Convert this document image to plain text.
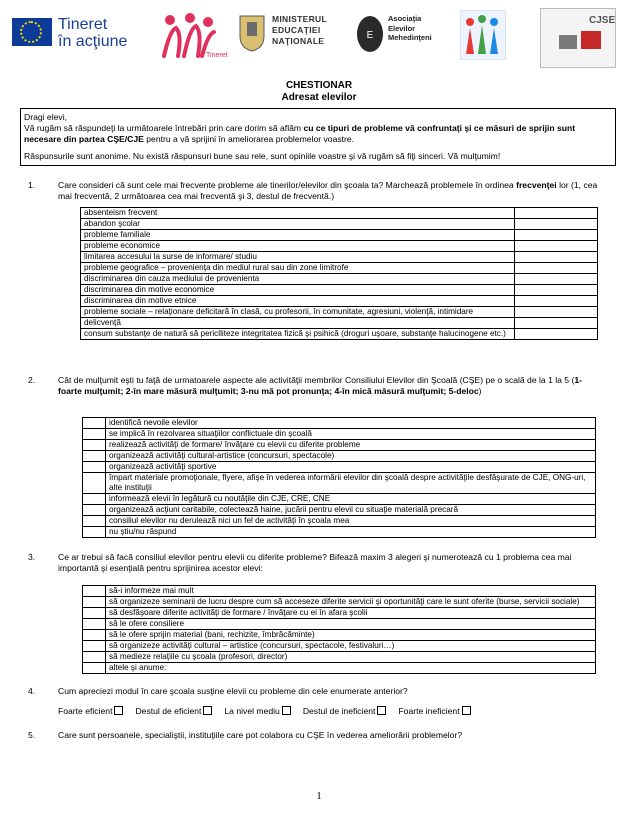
Tineret
în acţiune
Tineret
MINISTERUL
EDUCAŢIEI
NAŢIONALE	E
Asociaţia
Elevilor
Mehedinţeni
CJSE
CHESTIONAR
Adresat elevilor

Dragi elevi,

Vă rugăm să răspundeţi la următoarele întrebări prin care dorim să aflăm cu ce tipuri de probleme vă confruntaţi şi ce măsuri de sprijin sunt necesare din partea CŞE/CJE pentru a vă sprijini în ameliorarea problemelor voastre.

Răspunsurile sunt anonime. Nu există răspunsuri bune sau rele, sunt opiniile voastre şi vă rugăm să fiţi sinceri. Vă mulţumim!

1.	Care consideri că sunt cele mai frecvente probleme ale tinerilor/elevilor din şcoala ta? Marchează problemele în ordinea frecvenţei lor (1, cea mai frecventă, 2 următoarea cea mai frecventă şi 3, destul de frecventă.)
absenteism frecvent	
abandon şcolar	
probleme familiale	
probleme economice	
limitarea accesului la surse de informare/ studiu	
probleme geografice – provenienţa din mediul rural sau din zone limitrofe	
discriminarea din cauza mediului de provenienta	
discriminarea din motive economice	
discriminarea din motive etnice	
probleme sociale – relaţionare deficitară în clasă, cu profesorii, în comunitate, agresiuni, violenţă, intimidare	
delicvenţă	
consum substanţe de natură să periclliteze integritatea fizică şi psihică (droguri uşoare, substanţe halucinogene etc.)	
2.	Cât de mulţumit eşti tu faţă de urmatoarele aspecte ale activităţii membrilor Consiliului Elevilor din Şcoală (CŞE) pe o scală de la 1 la 5 (1-foarte mulţumit; 2-în mare măsură mulţumit; 3-nu mă pot pronunţa; 4-în mică măsură mulţumit; 5-deloc)
	identifică nevoile elevilor
	se implică în rezolvarea situaţiilor conflictuale din şcoală
	realizează activităţi de formare/ învăţare cu elevii cu diferite probleme
	organizează activităţi cultural-artistice (concursuri, spectacole)
	organizează activităţi sportive
	împart materiale promoţionale, flyere, afişe în vederea informării elevilor din şcoală despre activităţile desfăşurate de CJE, ONG-uri, alte instituţii
	informează elevii în legătură cu noutăţile din CJE, CRE, CNE
	organizează acţiuni caritabile, colectează haine, jucării pentru elevii cu situaţie materială precară
	consiliul elevilor nu derulează nici un fel de activităţi în şcoala mea
	nu ştiu/nu răspund
3.	Ce ar trebui să facă consiliul elevilor pentru elevii cu diferite probleme? Bifează maxim 3 alegeri şi numerotează cu 1 problema cea mai importantă şi esenţială pentru sprijinirea acestor elevi:
	să-i informeze mai mult
	să organizeze seminarii de lucru despre cum să acceseze diferite servicii şi oportunităţi care le sunt oferite (burse, servicii sociale)
	să desfăşoare diferite activităţi de formare / învăţare cu ei în afara şcolii
	să le ofere consiliere
	să le ofere sprijin material (bani, rechizite, îmbrăcăminte)
	să organizeze activităţi cultural – artistice (concursuri, spectacole, festivaluri…)
	să medieze relaţiile cu şcoala (profesori, director)
	altele şi anume:
4.	Cum apreciezi modul în care şcoala susţine elevii cu probleme din cele enumerate anterior?
Foarte eficient	Destul de eficient	La nivel mediu	Destul de ineficient	Foarte ineficient
5.	Care sunt persoanele, specialiştii, instituţiile care pot colabora cu CŞE în vederea ameliorării problemelor?
1
